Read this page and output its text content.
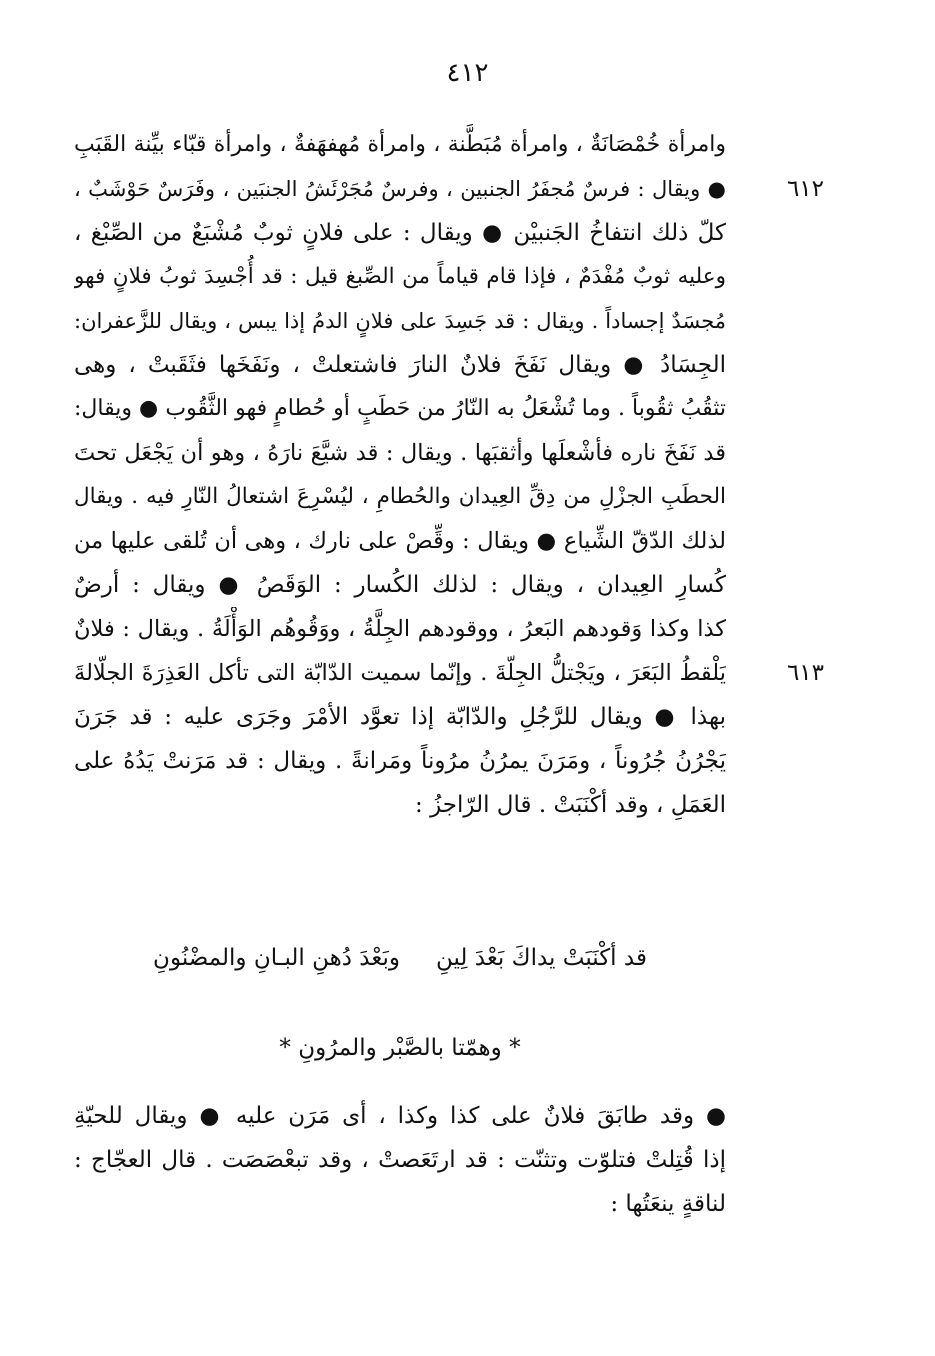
٤١٢
٦١٢
٦١٣
وامرأة خُمْصَانَةٌ ، وامرأة مُبَطَّنة ، وامرأة مُهفهَفةٌ ، وامرأة قبّاء بيِّنة القَبَبِ
● ويقال : فرسٌ مُجفَرُ الجنبين ، وفرسٌ مُجَرْئَشُ الجنبَين ، وفَرَسٌ حَوْشَبٌ ،
كلّ ذلك انتفاخُ الجَنبيْن ● ويقال : على فلانٍ ثوبٌ مُشْبَعٌ من الصِّبْغ ،
وعليه ثوبٌ مُفْدَمٌ ، فإذا قام قياماً من الصِّبغ قيل : قد أُجْسِدَ ثوبُ فلانٍ فهو
مُجسَدٌ إجساداً . ويقال : قد جَسِدَ على فلانٍ الدمُ إذا يبس ، ويقال للزَّعفران:
الجِسَادُ ● ويقال نَفَخَ فلانٌ النارَ فاشتعلتْ ، ونَفَخَها فثَقَبتْ ، وهى
تثقُبُ ثقُوباً . وما تُشْعَلُ به النّارُ من حَطَبٍ أو حُطامٍ فهو الثَّقُوب ● ويقال:
قد نَفَخَ ناره فأشْعلَها وأثقبَها . ويقال : قد شيَّعَ نارَهُ ، وهو أن يَجْعَل تحتَ
الحطَبِ الجزْلِ من دِقِّ العِيدان والحُطامِ ، ليُسْرِعَ اشتعالُ النّارِ فيه . ويقال
لذلك الدّقّ الشِّياع ● ويقال : وقِّصْ على نارك ، وهى أن تُلقى عليها من
كُسارِ العِيدان ، ويقال : لذلك الكُسار : الوَقَصُ ● ويقال : أرضٌ
كذا وكذا وَقودهم البَعرُ ، ووقودهم الجِلَّةُ ، ووَقُوهُم الوَأْلَةُ . ويقال : فلانٌ
يَلْقطُ البَعَرَ ، ويَجْتلُّ الجِلّةَ . وإنّما سميت الدّابّة التى تأكل العَذِرَةَ الجلّالةَ
بهذا ● ويقال للرَّجُلِ والدّابّة إذا تعوَّد الأمْرَ وجَرَى عليه : قد جَرَنَ
يَجْرُنُ جُرُوناً ، ومَرَنَ يمرُنُ مرُوناً ومَرانةً . ويقال : قد مَرَنتْ يَدُهُ على
العَمَلِ ، وقد أكْنَبَتْ . قال الرّاجزُ :
قد أكْنَبَتْ يداكَ بَعْدَ لِينِوبَعْدَ دُهنِ البـانِ والمضْنُونِ
* وهمّتا بالصَّبْر والمرُونِ *
● وقد طابَقَ فلانٌ على كذا وكذا ، أى مَرَن عليه ● ويقال للحيّةِ
إذا قُتِلتْ فتلوّت وتثنّت : قد ارتَعَصتْ ، وقد تبعْصَصَت . قال العجّاج :
لناقةٍ ينعَتُها :
